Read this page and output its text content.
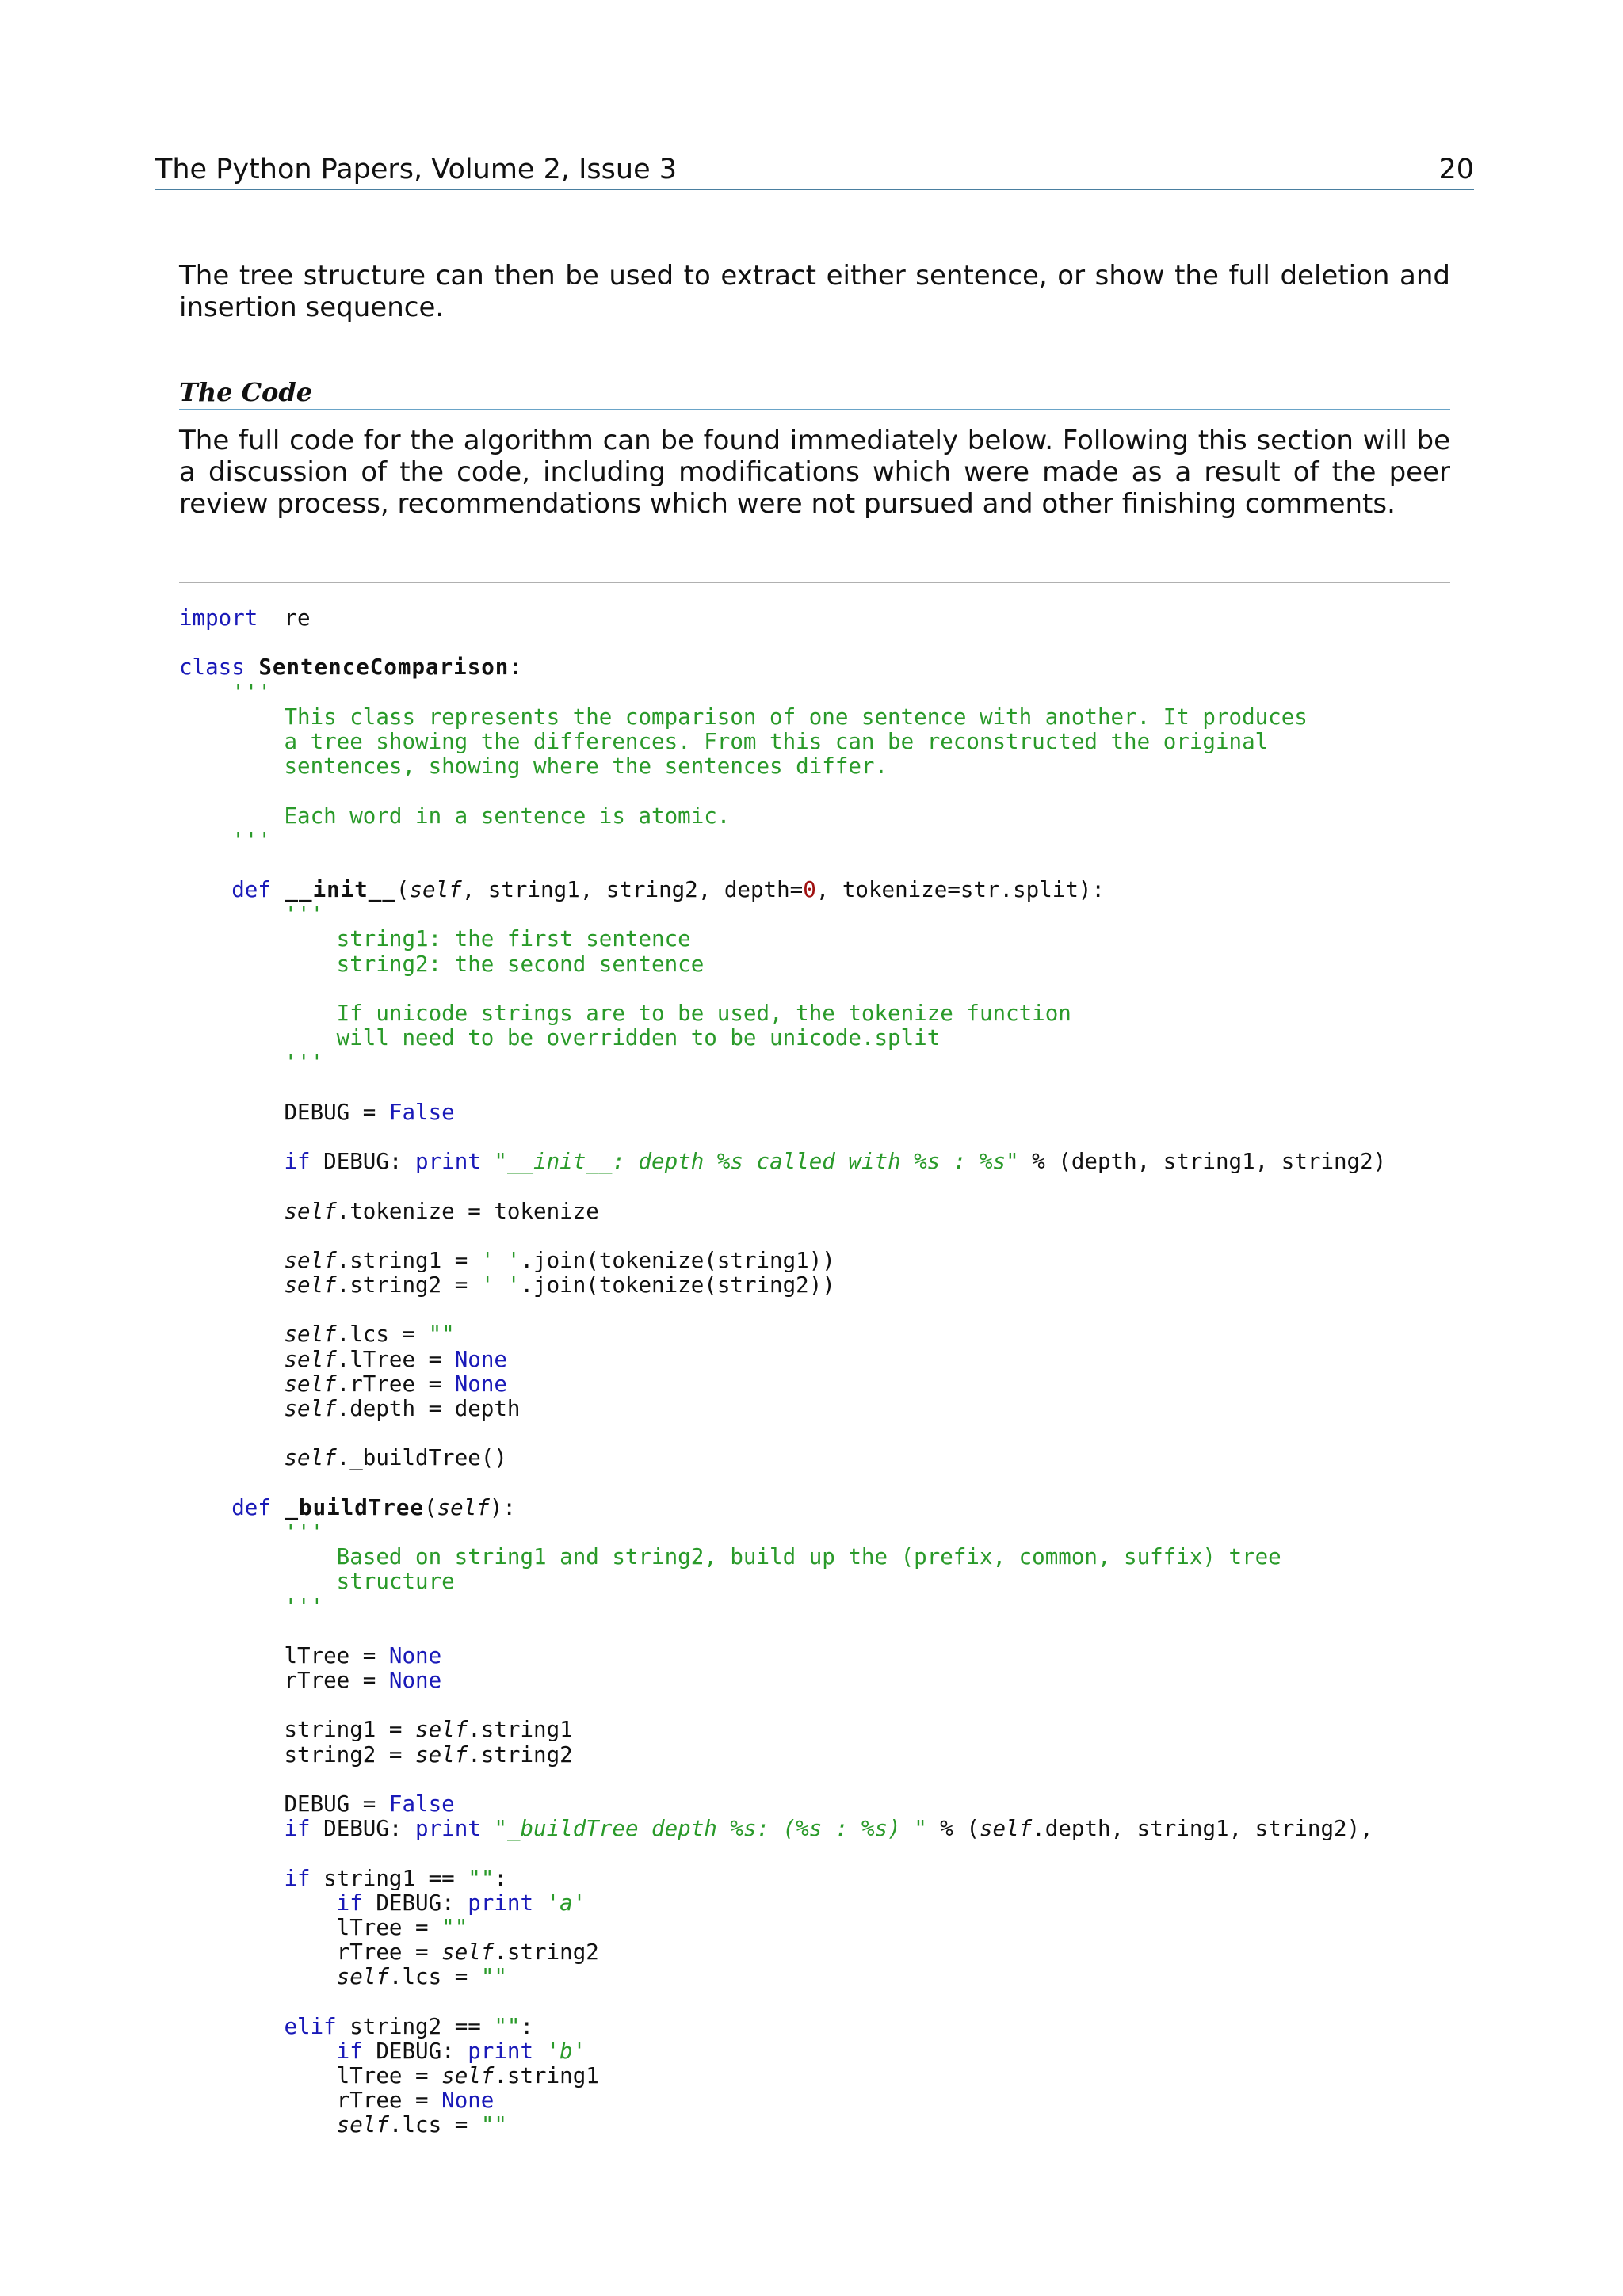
The Python Papers, Volume 2, Issue 3	20

The tree structure can then be used to extract either sentence, or show the full deletion and insertion sequence.

The Code

The full code for the algorithm can be found immediately below. Following this section will be a discussion of the code, including modifications which were made as a result of the peer review process, recommendations which were not pursued and other finishing comments.

import  re
class SentenceComparison:
'''
This class represents the comparison of one sentence with another. It produces
a tree showing the differences. From this can be reconstructed the original
sentences, showing where the sentences differ.
Each word in a sentence is atomic.
'''
def __init__(self, string1, string2, depth=0, tokenize=str.split):
'''
string1: the first sentence
string2: the second sentence
If unicode strings are to be used, the tokenize function
will need to be overridden to be unicode.split
'''
DEBUG = False
if DEBUG: print "__init__: depth %s called with %s : %s" % (depth, string1, string2)
self.tokenize = tokenize
self.string1 = ' '.join(tokenize(string1))
self.string2 = ' '.join(tokenize(string2))
self.lcs = ""
self.lTree = None
self.rTree = None
self.depth = depth
self._buildTree()
def _buildTree(self):
'''
Based on string1 and string2, build up the (prefix, common, suffix) tree
structure
'''
lTree = None
rTree = None
string1 = self.string1
string2 = self.string2
DEBUG = False
if DEBUG: print "_buildTree depth %s: (%s : %s) " % (self.depth, string1, string2),
if string1 == "":
if DEBUG: print 'a'
lTree = ""
rTree = self.string2
self.lcs = ""
elif string2 == "":
if DEBUG: print 'b'
lTree = self.string1
rTree = None
self.lcs = ""
